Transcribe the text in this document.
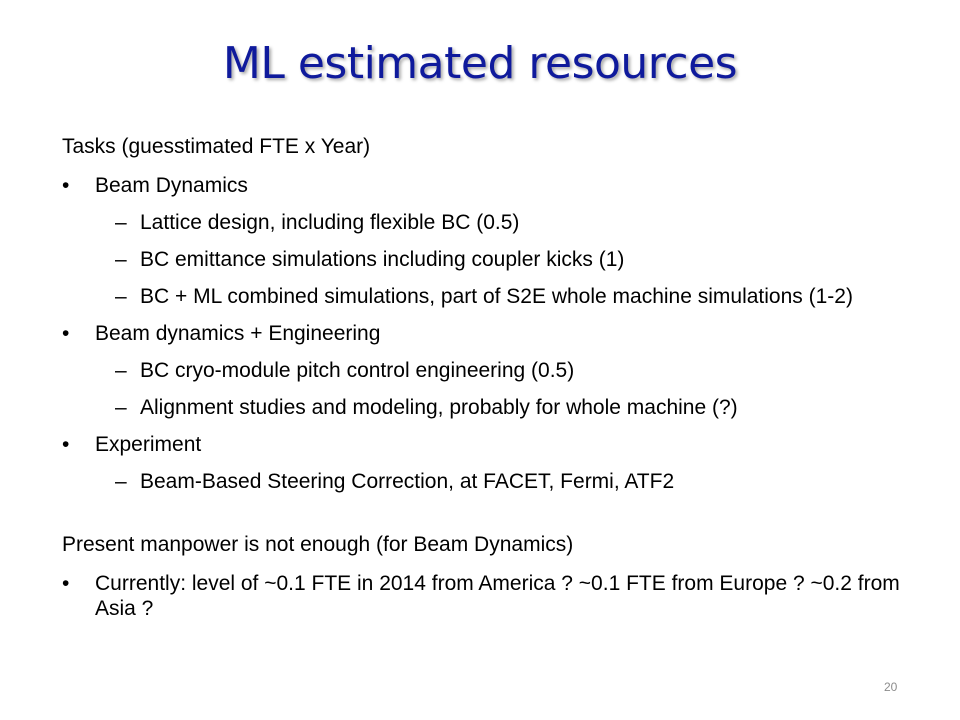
ML estimated resources
Tasks (guesstimated FTE x Year)
• Beam Dynamics
– Lattice design, including flexible BC (0.5)
– BC emittance simulations including coupler kicks (1)
– BC + ML combined simulations, part of S2E whole machine simulations (1-2)
• Beam dynamics + Engineering
– BC cryo-module pitch control engineering (0.5)
– Alignment studies and modeling, probably for whole machine (?)
• Experiment
– Beam-Based Steering Correction, at FACET, Fermi, ATF2
Present manpower is not enough (for Beam Dynamics)
• Currently: level of ~0.1 FTE in 2014 from America ? ~0.1 FTE from Europe ? ~0.2 from Asia ?
20
